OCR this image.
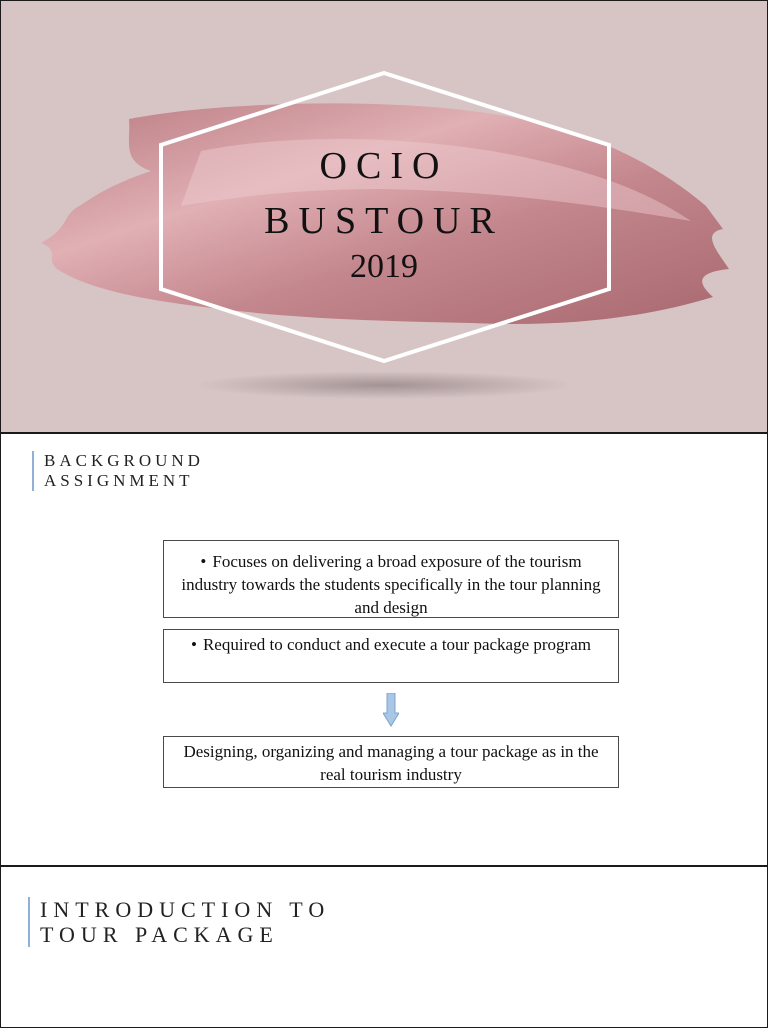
OCIO
BUSTOUR
2019
BACKGROUND
ASSIGNMENT
• Focuses on delivering a broad exposure of the tourism industry towards the students specifically in the tour planning and design
• Required to conduct and execute a tour package program
Designing, organizing and managing a tour package as in the real tourism industry
INTRODUCTION TO
TOUR PACKAGE
